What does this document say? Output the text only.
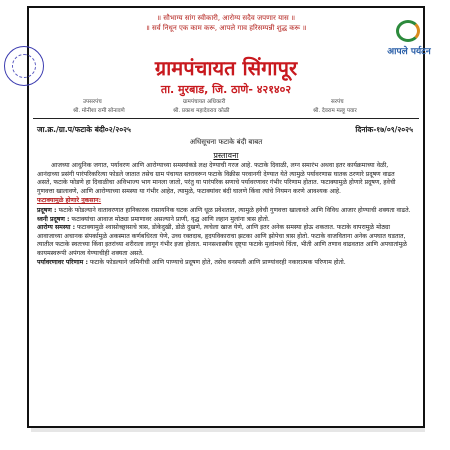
॥ सौभाग्य सांग स्वीकारी, आरोग्य सदैव जपणार यास ॥
॥ सर्व निधून एक काम करू, आपले गाव हरिसम्पन्नी शुद्ध करू ॥
ग्रामपंचायत सिंगापूर
ता. मुरबाड, जि. ठाणे- ४२१४०२
उपसरपंच	ग्रामपंचायत अधिकारी	सरपंच
श्री. मोनीशा रामी सोनावणे	श्री. प्रकाश महादेवराव कोळी	श्री. देवराम मल्हू पवार
जा.क्र./ग्रा.प/फटाके बंदी०२/२०२५	दिनांक-१७/०९/२०२५
अधिसूचना फटाके बंदी बाबत
प्रस्तावना

आजच्या आधुनिक जगात, पर्यावरण आणि आरोग्याच्या समस्यांकडे लक्ष देण्याची गरज आहे. फटाके दिवाळी, लग्न समारंभ अथवा इतर कार्यक्रमाच्या वेळी, आनंदाच्या प्रसंगी पारंपरिकरित्या फोडले जातात तसेच ग्राम पंचायत स्तरावरून फटाके विक्रीस परवानगी देण्यात येते त्यामुळे पर्यावरणास घातक ठरणारे प्रदूषण वाढत असते, फटाके फोडणे हा दिवाळीचा अविभाज्य भाग मानला जातो, परंतु या पारंपरिक सणाचे पर्यावरणावर गंभीर परिणाम होतात. फटाक्यामुळे होणारे प्रदूषण, हवेची गुणवत्ता खालावणे, आणि आरोग्याच्या समस्या या गंभीर आहेत, त्यामुळे, फटाक्यांवर बंदी घालणे किंवा त्यांचे नियमन करणे आवश्यक आहे.

फटाक्यामुळे होणारे नुकसान:
प्रदूषण : फटाके फोडल्याने वातावरणात हानिकारक रासायनिक घटक आणि धूळ प्रवेशतात, त्यामुळे हवेची गुणवत्ता खालावते आणि विविध आजार होण्याची शक्यता वाढते.
ध्वनी प्रदूषण : फटाक्यांचा आवाज मोठ्या प्रमाणावर असल्याने प्राणी, वृद्ध आणि लहान मुलांना त्रास होतो.
आरोग्य समस्या : फटाक्यामुळे श्वासोच्छ्वासाचे त्रास, डोकेदुखी, डोळे दुखणे, त्वचेला खाज येणे, आणि इतर अनेक समस्या होऊ शकतात. फटाके वापरामुळे मोठ्या आवाजाच्या अचानक संपर्कामुळे अकस्मात कर्णबधिरता येणे, उच्च रक्तदाब, हृदयविकाराचा झटका आणि झोपेचा त्रास होतो. फटाके वाजविताना अनेक अपघात घडतात, त्यातील फटाके स्वतःच्या किंवा इतरांच्या शरीराला लागून गंभीर इजा होतात. मानसशास्त्रीय दृष्ट्या फटाके मुलांमध्ये चिंता, भीती आणि तणाव वाढवतात आणि अपघातांमुळे कायमस्वरूपी अपंगत्व येण्याचीही शक्यता असते.
पर्यावरणावर परिणाम : फटाके फोडल्याने जमिनीची आणि पाण्याचे प्रदूषण होते, तसेच वनस्पती आणि प्राण्यांवरही नकारात्मक परिणाम होतो.
आपले पर्यटन
